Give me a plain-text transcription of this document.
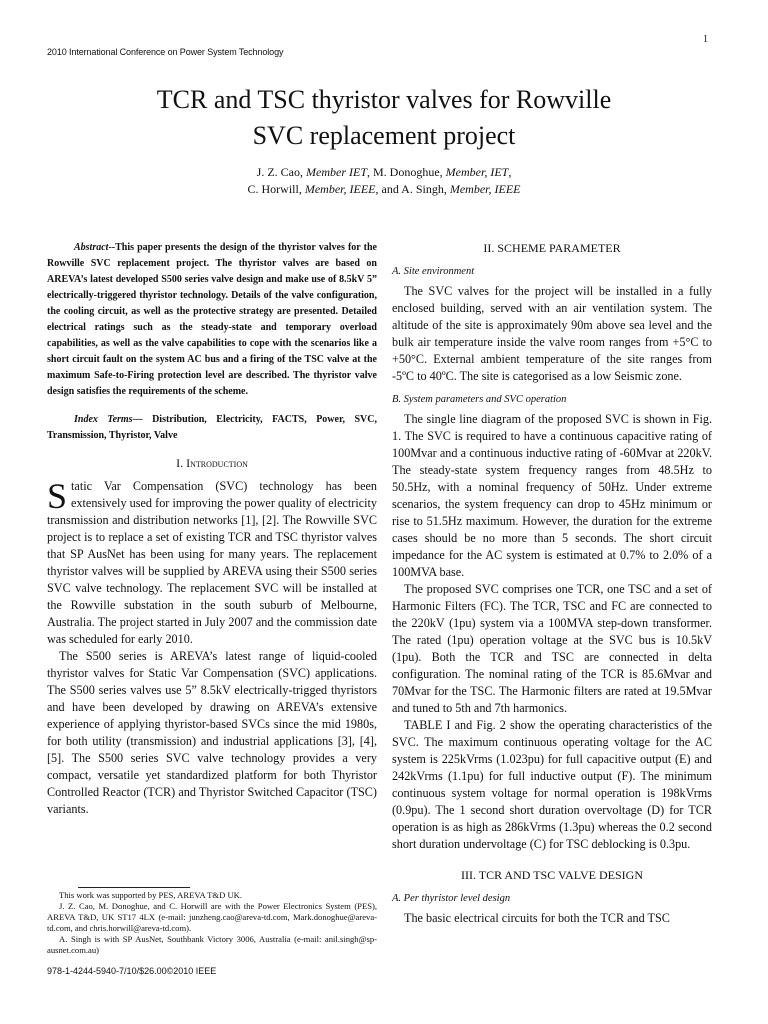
1
2010 International Conference on Power System Technology
TCR and TSC thyristor valves for Rowville
SVC replacement project
J. Z. Cao, Member IET, M. Donoghue, Member, IET,
C. Horwill, Member, IEEE, and A. Singh, Member, IEEE

Abstract--This paper presents the design of the thyristor valves for the Rowville SVC replacement project. The thyristor valves are based on AREVA’s latest developed S500 series valve design and make use of 8.5kV 5” electrically-triggered thyristor technology. Details of the valve configuration, the cooling circuit, as well as the protective strategy are presented. Detailed electrical ratings such as the steady-state and temporary overload capabilities, as well as the valve capabilities to cope with the scenarios like a short circuit fault on the system AC bus and a firing of the TSC valve at the maximum Safe-to-Firing protection level are described. The thyristor valve design satisfies the requirements of the scheme.

Index Terms— Distribution, Electricity, FACTS, Power, SVC, Transmission, Thyristor, Valve

I. Introduction

Static Var Compensation (SVC) technology has been extensively used for improving the power quality of electricity transmission and distribution networks [1], [2]. The Rowville SVC project is to replace a set of existing TCR and TSC thyristor valves that SP AusNet has been using for many years. The replacement thyristor valves will be supplied by AREVA using their S500 series SVC valve technology. The replacement SVC will be installed at the Rowville substation in the south suburb of Melbourne, Australia. The project started in July 2007 and the commission date was scheduled for early 2010.

The S500 series is AREVA’s latest range of liquid-cooled thyristor valves for Static Var Compensation (SVC) applications. The S500 series valves use 5” 8.5kV electrically-trigged thyristors and have been developed by drawing on AREVA’s extensive experience of applying thyristor-based SVCs since the mid 1980s, for both utility (transmission) and industrial applications [3], [4], [5]. The S500 series SVC valve technology provides a very compact, versatile yet standardized platform for both Thyristor Controlled Reactor (TCR) and Thyristor Switched Capacitor (TSC) variants.

This work was supported by PES, AREVA T&D UK.

J. Z. Cao, M. Donoghue, and C. Horwill are with the Power Electronics System (PES), AREVA T&D, UK ST17 4LX (e-mail: junzheng.cao@areva-td.com, Mark.donoghue@areva-td.com, and chris.horwill@areva-td.com).

A. Singh is with SP AusNet, Southbank Victory 3006, Australia (e-mail: anil.singh@sp-ausnet.com.au)

978-1-4244-5940-7/10/$26.00©2010 IEEE
II. SCHEME PARAMETER
A. Site environment

The SVC valves for the project will be installed in a fully enclosed building, served with an air ventilation system. The altitude of the site is approximately 90m above sea level and the bulk air temperature inside the valve room ranges from +5°C to +50°C. External ambient temperature of the site ranges from -5ºC to 40ºC. The site is categorised as a low Seismic zone.

B. System parameters and SVC operation

The single line diagram of the proposed SVC is shown in Fig. 1. The SVC is required to have a continuous capacitive rating of 100Mvar and a continuous inductive rating of -60Mvar at 220kV. The steady-state system frequency ranges from 48.5Hz to 50.5Hz, with a nominal frequency of 50Hz. Under extreme scenarios, the system frequency can drop to 45Hz minimum or rise to 51.5Hz maximum. However, the duration for the extreme cases should be no more than 5 seconds. The short circuit impedance for the AC system is estimated at 0.7% to 2.0% of a 100MVA base.

The proposed SVC comprises one TCR, one TSC and a set of Harmonic Filters (FC). The TCR, TSC and FC are connected to the 220kV (1pu) system via a 100MVA step-down transformer. The rated (1pu) operation voltage at the SVC bus is 10.5kV (1pu). Both the TCR and TSC are connected in delta configuration. The nominal rating of the TCR is 85.6Mvar and 70Mvar for the TSC. The Harmonic filters are rated at 19.5Mvar and tuned to 5th and 7th harmonics.

TABLE I and Fig. 2 show the operating characteristics of the SVC. The maximum continuous operating voltage for the AC system is 225kVrms (1.023pu) for full capacitive output (E) and 242kVrms (1.1pu) for full inductive output (F). The minimum continuous system voltage for normal operation is 198kVrms (0.9pu). The 1 second short duration overvoltage (D) for TCR operation is as high as 286kVrms (1.3pu) whereas the 0.2 second short duration undervoltage (C) for TSC deblocking is 0.3pu.

III. TCR AND TSC VALVE DESIGN
A. Per thyristor level design

The basic electrical circuits for both the TCR and TSC
